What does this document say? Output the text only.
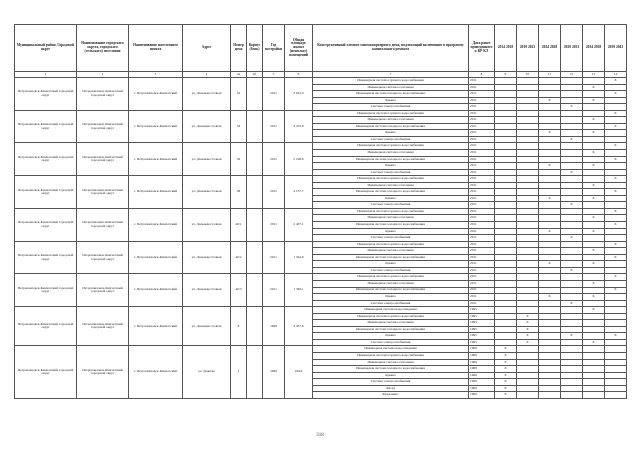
Муниципальный район, Городской округ	Наименование городского округа, городского (сельского) поселения	Наименование населенного пункта	Адрес	Номер дома	Корпус (блок)	Год постройки	Общая площадь жилых (нежилых) помещений	Конструктивный элемент многоквартирного дома, подлежащий включению в программу капитального ремонта	Дата ранее проведенного к КР КЭ	2014 2018	2019 2023	2024 2028	2029 2033	2034 2038	2039 2043
1	2	3	4	4а	4б	5	6	7	8	9	10	11	12	13	14
Петропавловск-Камчатский городской округ	Петропавловск-Камчатский городской округ	г. Петропавловск-Камчатский	ул. Дальневосточная	32		2011	3 622,0	Инженерная система горячего водоснабжения	2011						X
								Инженерная система отопления	2011					X	
								Инженерная система холодного водоснабжения	2011						X
								Крыша	2011			X		X	
								Система электроснабжения	2011				X		
Петропавловск-Камчатский городской округ	Петропавловск-Камчатский городской округ	г. Петропавловск-Камчатский	ул. Дальневосточная	34		2011	4 472,6	Инженерная система горячего водоснабжения	2011						X
								Инженерная система отопления	2011					X	
								Инженерная система холодного водоснабжения	2011						X
								Крыша	2011			X		X	
								Система электроснабжения	2011				X		
Петропавловск-Камчатский городской округ	Петропавловск-Камчатский городской округ	г. Петропавловск-Камчатский	ул. Дальневосточная	36		2011	2 198,6	Инженерная система горячего водоснабжения	2011						X
								Инженерная система отопления	2011					X	
								Инженерная система холодного водоснабжения	2011						X
								Крыша	2011			X		X	
								Система электроснабжения	2011				X		
Петропавловск-Камчатский городской округ	Петропавловск-Камчатский городской округ	г. Петропавловск-Камчатский	ул. Дальневосточная	38		2011	4 137,7	Инженерная система горячего водоснабжения	2011						X
								Инженерная система отопления	2011					X	
								Инженерная система холодного водоснабжения	2011						X
								Крыша	2011			X		X	
								Система электроснабжения	2011				X		
Петропавловск-Камчатский городской округ	Петропавловск-Камчатский городской округ	г. Петропавловск-Камчатский	ул. Дальневосточная	40/1		2011	2 407,1	Инженерная система горячего водоснабжения	2011						X
								Инженерная система отопления	2011					X	
								Инженерная система холодного водоснабжения	2011						X
								Крыша	2011			X		X	
								Система электроснабжения	2011				X		
Петропавловск-Камчатский городской округ	Петропавловск-Камчатский городской округ	г. Петропавловск-Камчатский	ул. Дальневосточная	40/2		2011	1 324,6	Инженерная система горячего водоснабжения	2011						X
								Инженерная система отопления	2011					X	
								Инженерная система холодного водоснабжения	2011						X
								Крыша	2011			X		X	
								Система электроснабжения	2011				X		
Петропавловск-Камчатский городской округ	Петропавловск-Камчатский городской округ	г. Петропавловск-Камчатский	ул. Дальневосточная	40/3		2011	1 349,1	Инженерная система горячего водоснабжения	2011						X
								Инженерная система отопления	2011					X	
								Инженерная система холодного водоснабжения	2011						X
								Крыша	2011			X		X	
								Система электроснабжения	2011				X		
Петропавловск-Камчатский городской округ	Петропавловск-Камчатский городской округ	г. Петропавловск-Камчатский	ул. Дальневосточная	8		1998	4 457,9	Инженерная система водоотведения	1995					X	
								Инженерная система горячего водоснабжения	1995		X				
								Инженерная система отопления	1995		X				
								Инженерная система холодного водоснабжения	1995		X				
								Крыша	1995		X		X		X
								Система электроснабжения	1995		X			X	
Петропавловск-Камчатский городской округ	Петропавловск-Камчатский городской округ	г. Петропавловск-Камчатский	ул. Дьякова	1		1969	194,9	Инженерная система водоотведения	1969	X					
								Инженерная система горячего водоснабжения	1969	X					
								Инженерная система отопления	1969	X					
								Инженерная система холодного водоснабжения	1969	X					
								Крыша	1969	X					
								Система электроснабжения	1969	X					
								Фасад	1969	X					
								Фундамент	1969	X					
318
